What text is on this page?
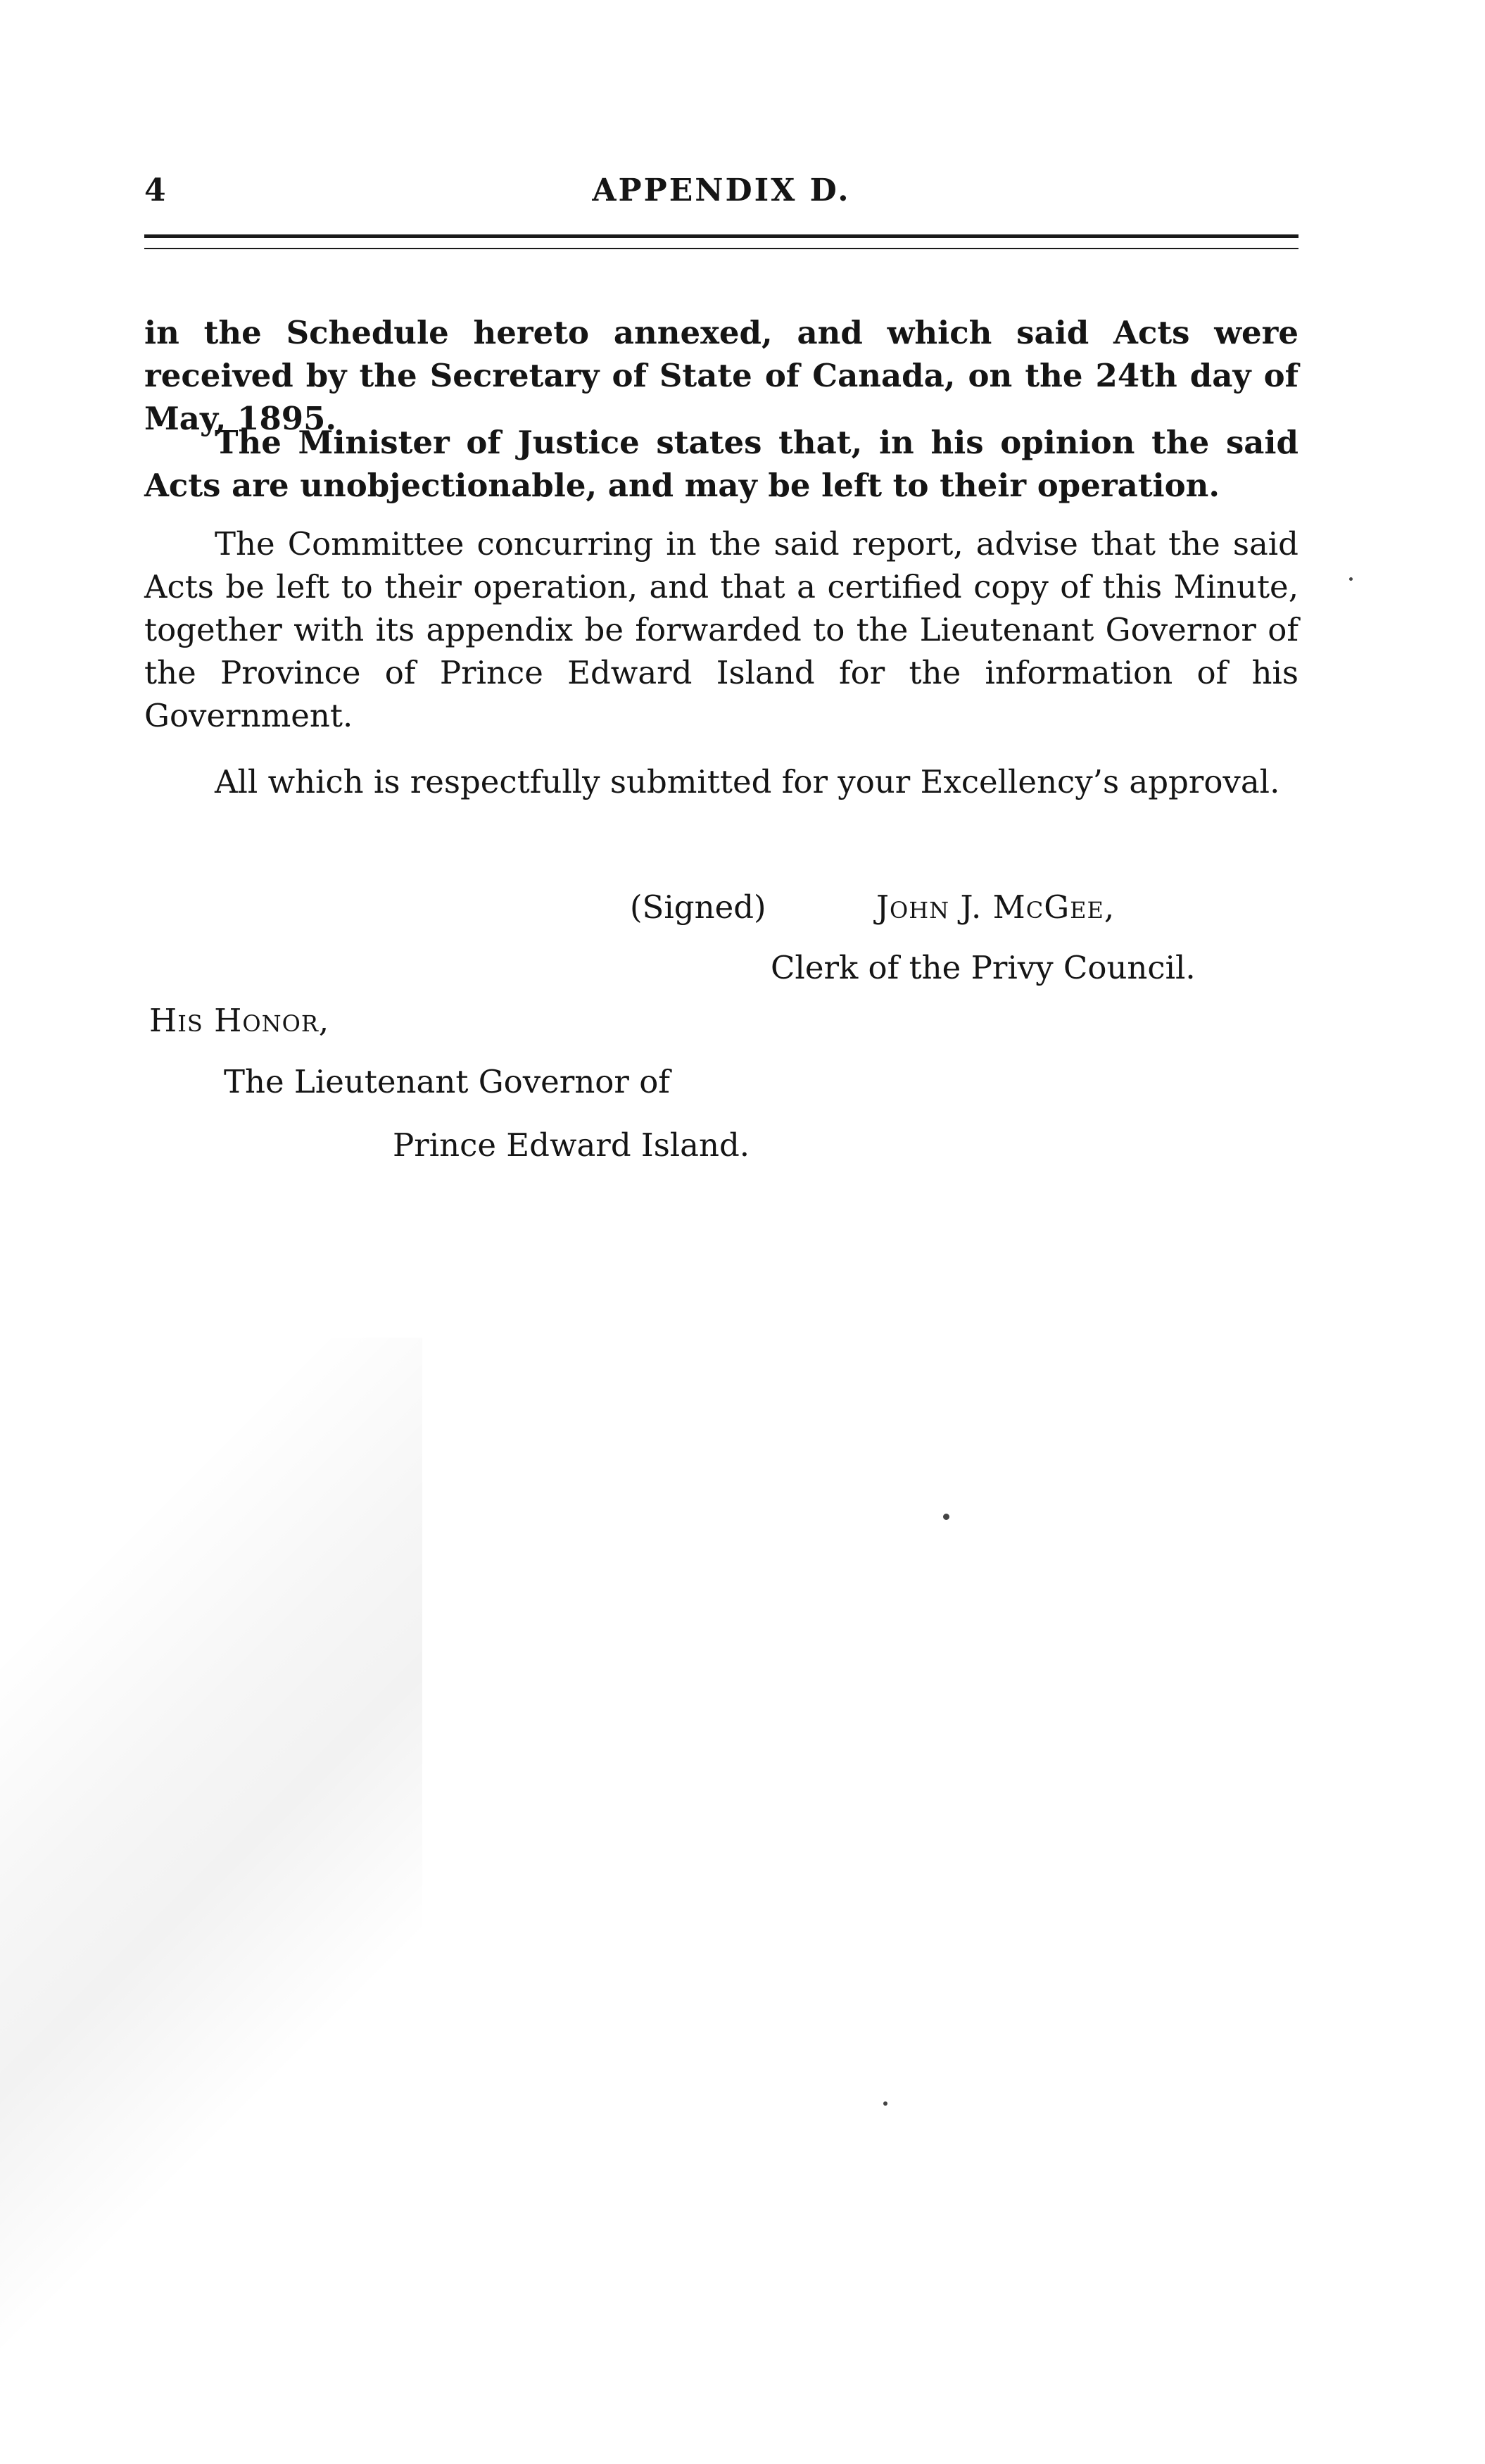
4	APPENDIX D.

in the Schedule hereto annexed, and which said Acts were received by the Secretary of State of Canada, on the 24th day of May, 1895.

The Minister of Justice states that, in his opinion the said Acts are unobjectionable, and may be left to their operation.

The Committee concurring in the said report, advise that the said Acts be left to their operation, and that a certified copy of this Minute, together with its appendix be forwarded to the Lieutenant Governor of the Province of Prince Edward Island for the information of his Government.

All which is respectfully submitted for your Excellency’s approval.

(Signed)	John J. McGee,
Clerk of the Privy Council.
His Honor,
The Lieutenant Governor of
Prince Edward Island.
